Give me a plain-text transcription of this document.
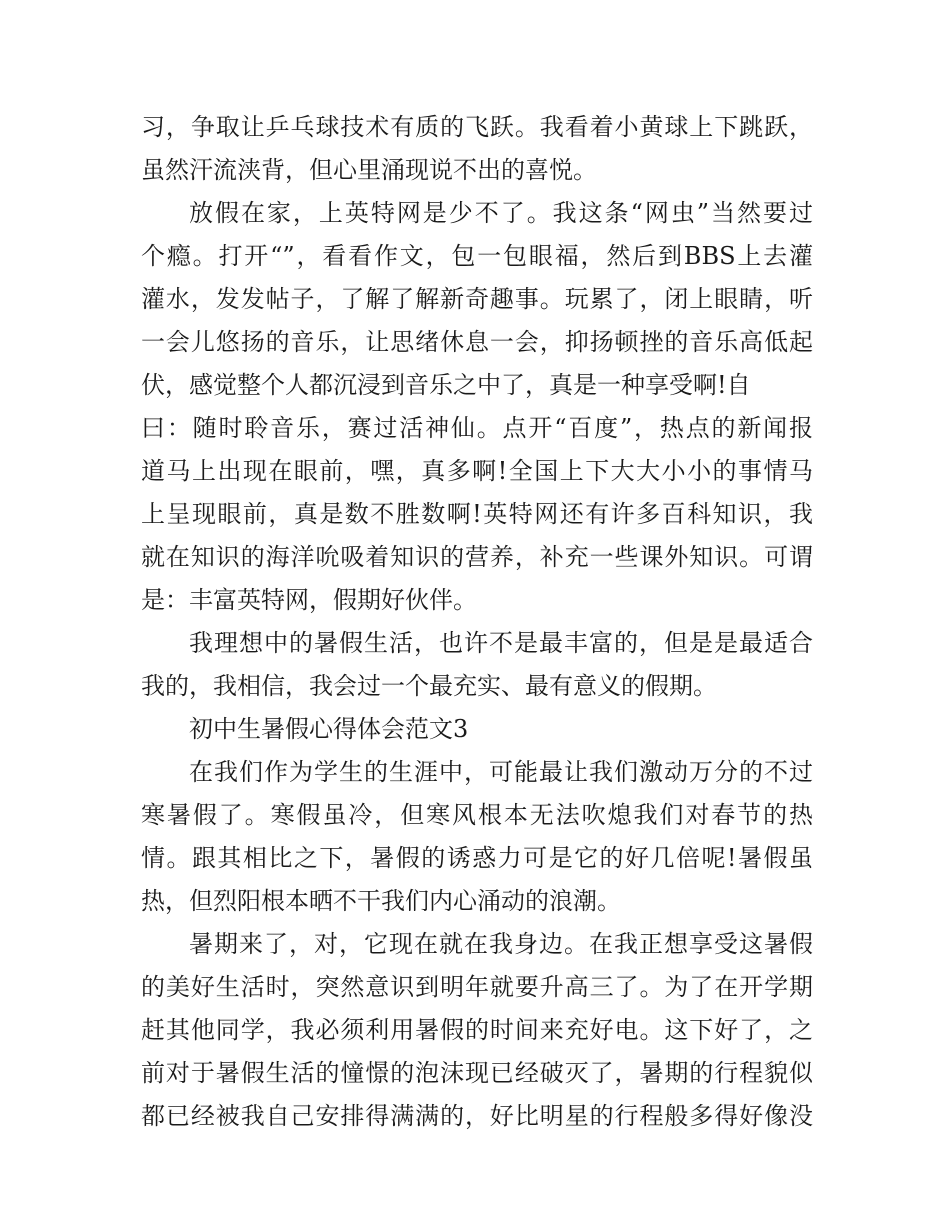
习，争取让乒乓球技术有质的飞跃。我看着小黄球上下跳跃，
虽然汗流浃背，但心里涌现说不出的喜悦。
放假在家，上英特网是少不了。我这条“网虫”当然要过
个瘾。打开“”，看看作文，包一包眼福，然后到BBS上去灌
灌水，发发帖子，了解了解新奇趣事。玩累了，闭上眼睛，听
一会儿悠扬的音乐，让思绪休息一会，抑扬顿挫的音乐高低起
伏，感觉整个人都沉浸到音乐之中了，真是一种享受啊!自
曰：随时聆音乐，赛过活神仙。点开“百度”，热点的新闻报
道马上出现在眼前，嘿，真多啊!全国上下大大小小的事情马
上呈现眼前，真是数不胜数啊!英特网还有许多百科知识，我
就在知识的海洋吮吸着知识的营养，补充一些课外知识。可谓
是：丰富英特网，假期好伙伴。
我理想中的暑假生活，也许不是最丰富的，但是是最适合
我的，我相信，我会过一个最充实、最有意义的假期。
初中生暑假心得体会范文3
在我们作为学生的生涯中，可能最让我们激动万分的不过
寒暑假了。寒假虽冷，但寒风根本无法吹熄我们对春节的热
情。跟其相比之下，暑假的诱惑力可是它的好几倍呢!暑假虽
热，但烈阳根本晒不干我们内心涌动的浪潮。
暑期来了，对，它现在就在我身边。在我正想享受这暑假
的美好生活时，突然意识到明年就要升高三了。为了在开学期
赶其他同学，我必须利用暑假的时间来充好电。这下好了，之
前对于暑假生活的憧憬的泡沫现已经破灭了，暑期的行程貌似
都已经被我自己安排得满满的，好比明星的行程般多得好像没
